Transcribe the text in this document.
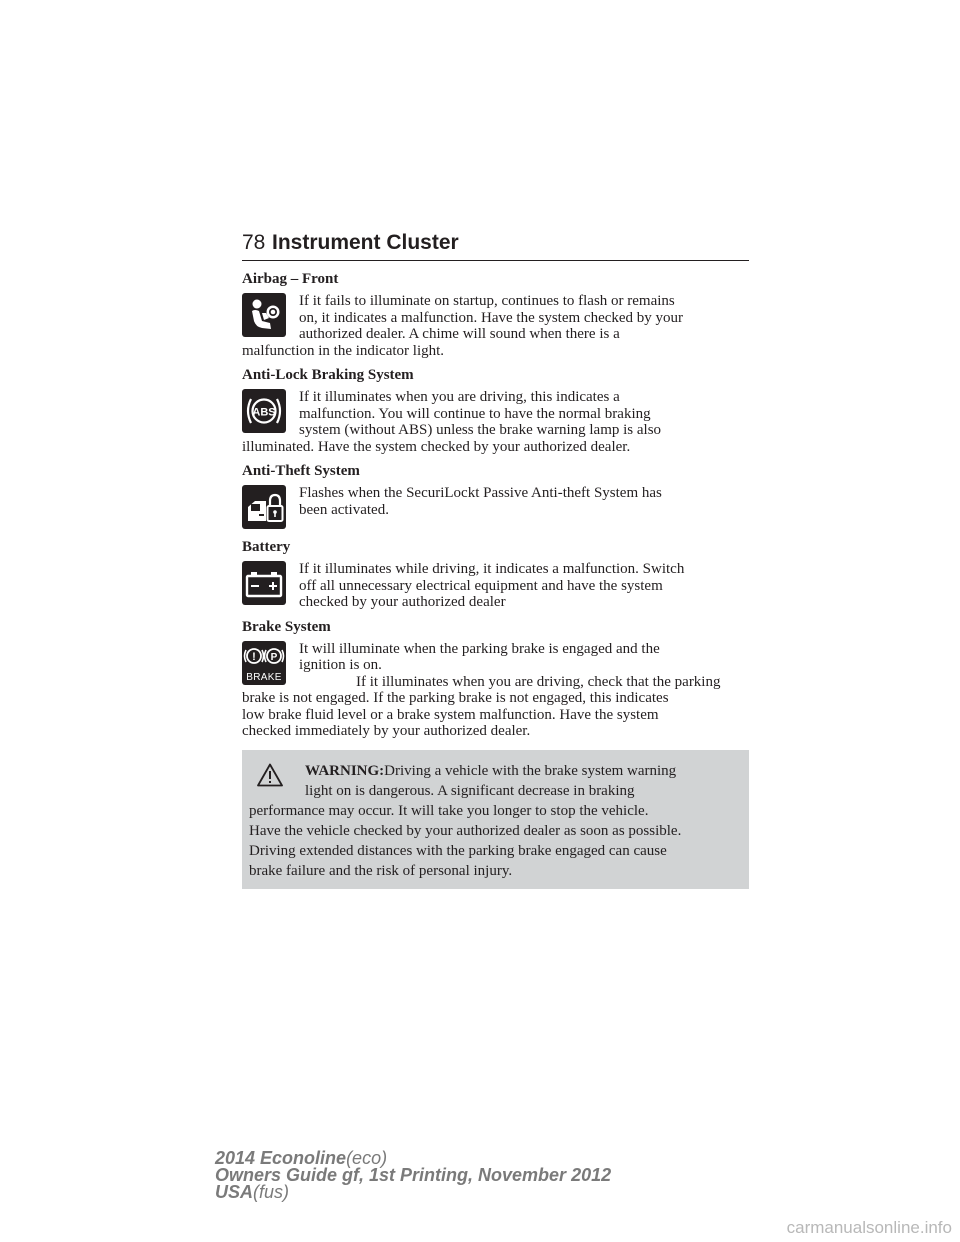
78 Instrument Cluster
Airbag – Front

If it fails to illuminate on startup, continues to flash or remains

on, it indicates a malfunction. Have the system checked by your

authorized dealer. A chime will sound when there is a

malfunction in the indicator light.

Anti-Lock Braking System
ABS

If it illuminates when you are driving, this indicates a

malfunction. You will continue to have the normal braking

system (without ABS) unless the brake warning lamp is also

illuminated. Have the system checked by your authorized dealer.

Anti-Theft System

Flashes when the SecuriLockt Passive Anti-theft System has

been activated.

Battery

If it illuminates while driving, it indicates a malfunction. Switch

off all unnecessary electrical equipment and have the system

checked by your authorized dealer

Brake System
! P
BRAKE

It will illuminate when the parking brake is engaged and the

ignition is on.

If it illuminates when you are driving, check that the parking

brake is not engaged. If the parking brake is not engaged, this indicates

low brake fluid level or a brake system malfunction. Have the system

checked immediately by your authorized dealer.

WARNING:Driving a vehicle with the brake system warning

light on is dangerous. A significant decrease in braking

performance may occur. It will take you longer to stop the vehicle.

Have the vehicle checked by your authorized dealer as soon as possible.

Driving extended distances with the parking brake engaged can cause

brake failure and the risk of personal injury.

2014 Econoline(eco)
Owners Guide gf, 1st Printing, November 2012
USA(fus)
carmanualsonline.info
